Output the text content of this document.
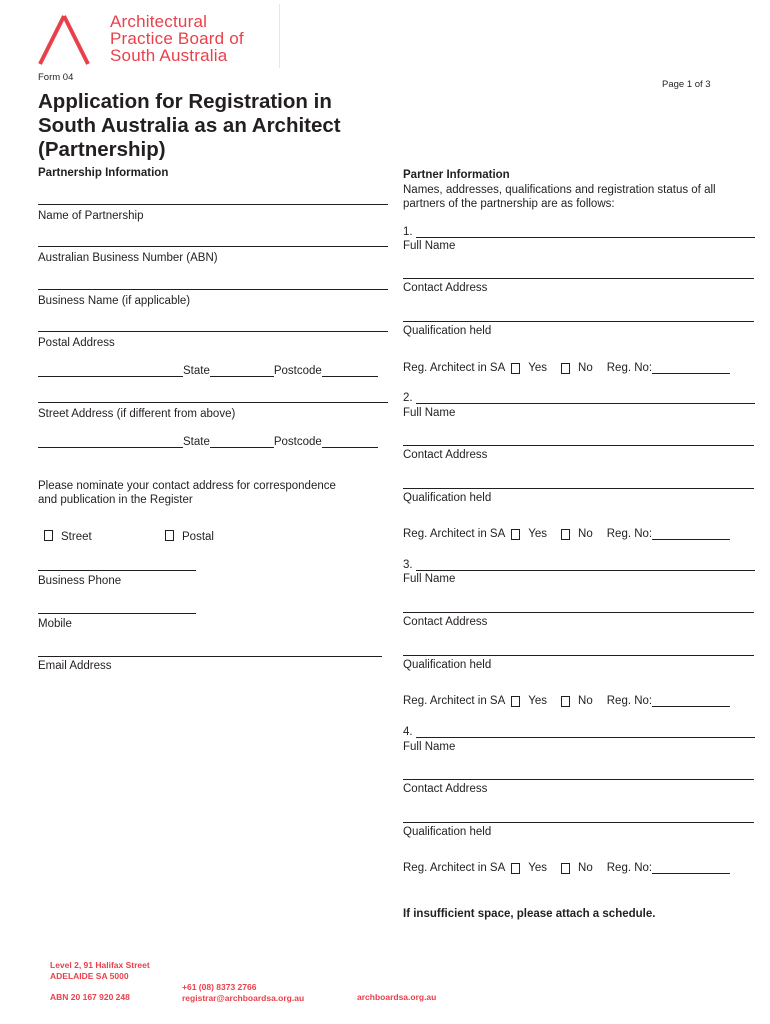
Architectural
Practice Board of
South Australia
Form 04
Page 1 of 3
Application for Registration in
South Australia as an Architect
(Partnership)
Partnership Information
Name of Partnership
Australian Business Number (ABN)
Business Name (if applicable)
Postal Address
State	Postcode
Street Address (if different from above)
State	Postcode
Please nominate your contact address for correspondence
and publication in the Register
Street	Postal
Business Phone
Mobile
Email Address
Partner Information
Names, addresses, qualifications and registration status of all
partners of the partnership are as follows:
1.
Full Name
Contact Address
Qualification held
Reg. Architect in SA Yes	No Reg. No:
2.
Full Name
Contact Address
Qualification held
Reg. Architect in SA Yes	No Reg. No:
3.
Full Name
Contact Address
Qualification held
Reg. Architect in SA Yes	No Reg. No:
4.
Full Name
Contact Address
Qualification held
Reg. Architect in SA Yes	No Reg. No:
If insufficient space, please attach a schedule.
Level 2, 91 Halifax Street
ADELAIDE SA 5000
ABN 20 167 920 248
+61 (08) 8373 2766
registrar@archboardsa.org.au	archboardsa.org.au
